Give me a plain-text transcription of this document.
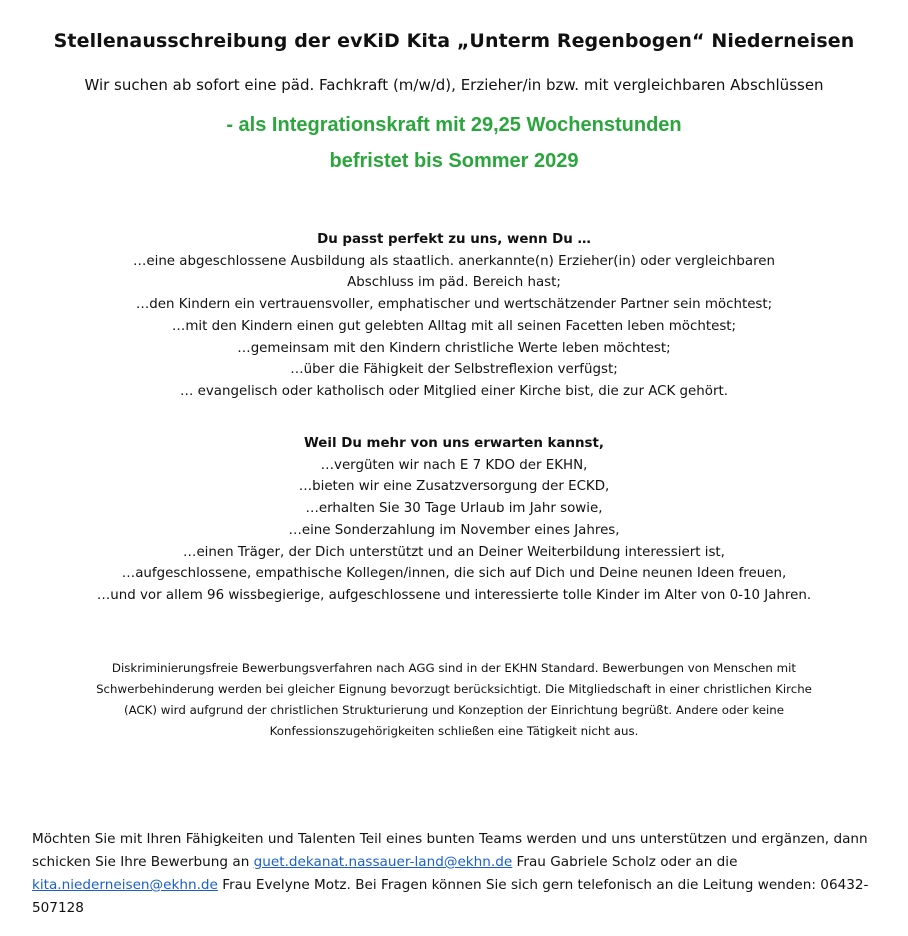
Stellenausschreibung der evKiD Kita „Unterm Regenbogen“ Niederneisen
Wir suchen ab sofort eine päd. Fachkraft (m/w/d), Erzieher/in bzw. mit vergleichbaren Abschlüssen
- als Integrationskraft mit 29,25 Wochenstunden
befristet bis Sommer 2029
Du passt perfekt zu uns, wenn Du …
…eine abgeschlossene Ausbildung als staatlich. anerkannte(n) Erzieher(in) oder vergleichbaren
Abschluss im päd. Bereich hast;
…den Kindern ein vertrauensvoller, emphatischer und wertschätzender Partner sein möchtest;
…mit den Kindern einen gut gelebten Alltag mit all seinen Facetten leben möchtest;
…gemeinsam mit den Kindern christliche Werte leben möchtest;
…über die Fähigkeit der Selbstreflexion verfügst;
… evangelisch oder katholisch oder Mitglied einer Kirche bist, die zur ACK gehört.
Weil Du mehr von uns erwarten kannst,
…vergüten wir nach E 7 KDO der EKHN,
…bieten wir eine Zusatzversorgung der ECKD,
…erhalten Sie 30 Tage Urlaub im Jahr sowie,
…eine Sonderzahlung im November eines Jahres,
…einen Träger, der Dich unterstützt und an Deiner Weiterbildung interessiert ist,
…aufgeschlossene, empathische Kollegen/innen, die sich auf Dich und Deine neunen Ideen freuen,
…und vor allem 96 wissbegierige, aufgeschlossene und interessierte tolle Kinder im Alter von 0-10 Jahren.
Diskriminierungsfreie Bewerbungsverfahren nach AGG sind in der EKHN Standard. Bewerbungen von Menschen mit
Schwerbehinderung werden bei gleicher Eignung bevorzugt berücksichtigt. Die Mitgliedschaft in einer christlichen Kirche
(ACK) wird aufgrund der christlichen Strukturierung und Konzeption der Einrichtung begrüßt. Andere oder keine
Konfessionszugehörigkeiten schließen eine Tätigkeit nicht aus.
Möchten Sie mit Ihren Fähigkeiten und Talenten Teil eines bunten Teams werden und uns unterstützen und ergänzen, dann schicken Sie Ihre Bewerbung an guet.dekanat.nassauer-land@ekhn.de Frau Gabriele Scholz oder an die kita.niederneisen@ekhn.de Frau Evelyne Motz. Bei Fragen können Sie sich gern telefonisch an die Leitung wenden: 06432-507128
